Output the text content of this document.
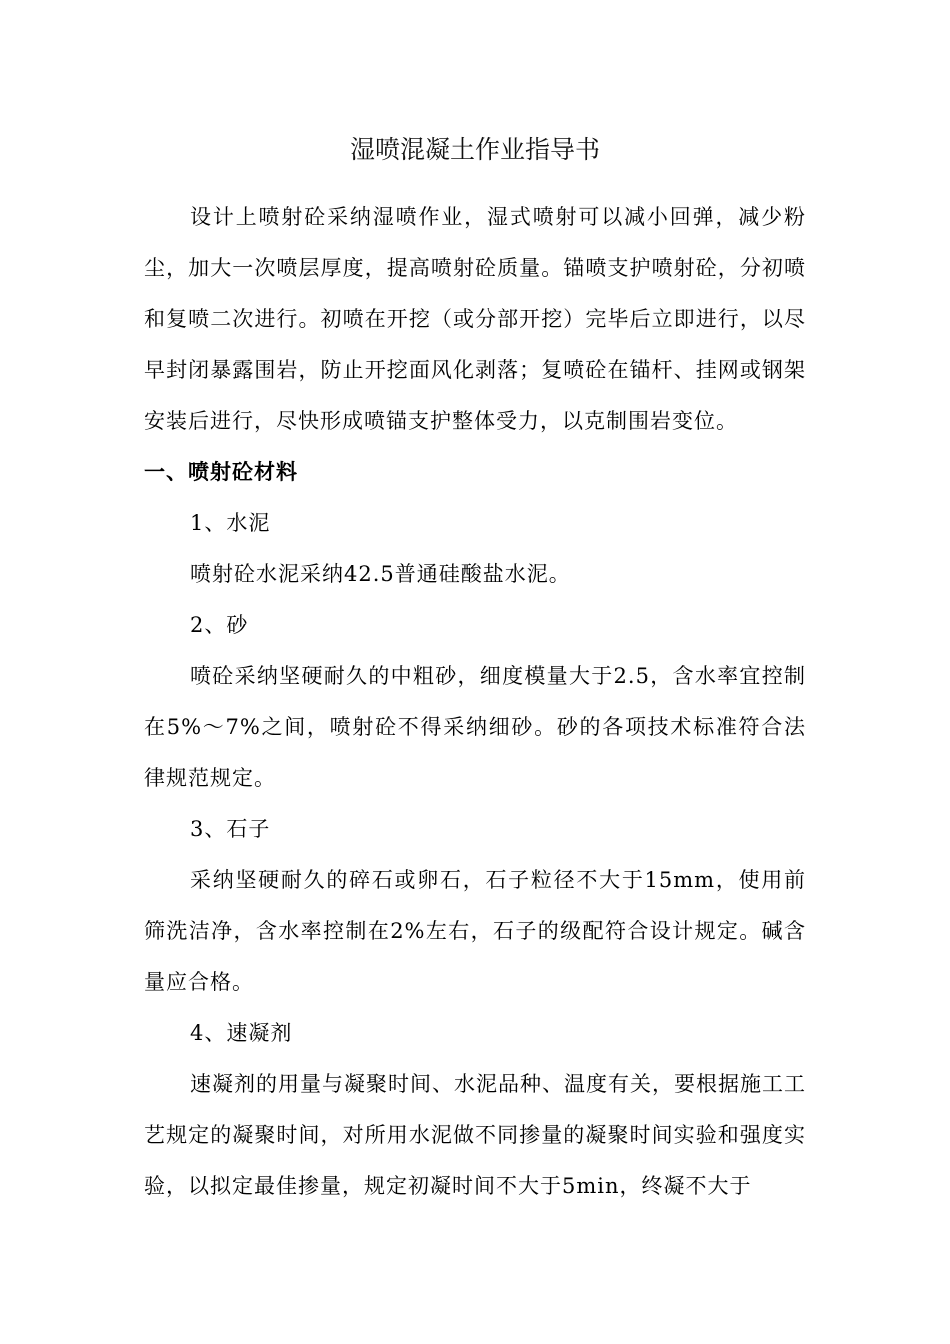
湿喷混凝土作业指导书

设计上喷射砼采纳湿喷作业，湿式喷射可以减小回弹，减少粉尘，加大一次喷层厚度，提高喷射砼质量。锚喷支护喷射砼，分初喷和复喷二次进行。初喷在开挖（或分部开挖）完毕后立即进行，以尽早封闭暴露围岩，防止开挖面风化剥落；复喷砼在锚杆、挂网或钢架安装后进行，尽快形成喷锚支护整体受力，以克制围岩变位。

一、喷射砼材料

1、水泥

喷射砼水泥采纳42.5普通硅酸盐水泥。

2、砂

喷砼采纳坚硬耐久的中粗砂，细度模量大于2.5，含水率宜控制在5%～7%之间，喷射砼不得采纳细砂。砂的各项技术标准符合法律规范规定。

3、石子

采纳坚硬耐久的碎石或卵石，石子粒径不大于15mm，使用前筛洗洁净，含水率控制在2%左右，石子的级配符合设计规定。碱含量应合格。

4、速凝剂

速凝剂的用量与凝聚时间、水泥品种、温度有关，要根据施工工艺规定的凝聚时间，对所用水泥做不同掺量的凝聚时间实验和强度实验，以拟定最佳掺量，规定初凝时间不大于5min，终凝不大于
